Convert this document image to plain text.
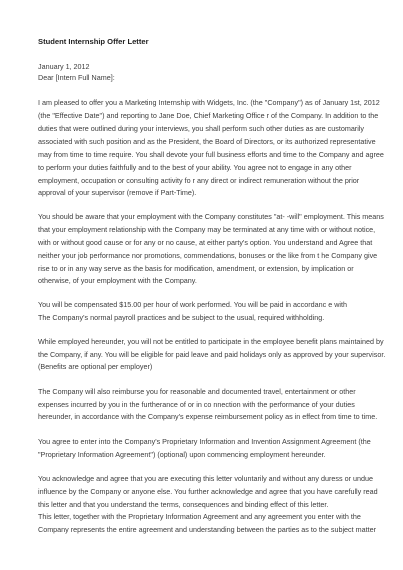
Student Internship Offer Letter
January 1, 2012
Dear [Intern Full Name]:
I am pleased to offer you a Marketing Internship with Widgets, Inc. (the "Company") as of January 1st, 2012
(the "Effective Date") and reporting to Jane Doe, Chief Marketing Office r of the Company. In addition to the
duties that were outlined during your interviews, you shall perform such other duties as are customarily
associated with such position and as the President, the Board of Directors, or its authorized representative
may from time to time require. You shall devote your full business efforts and time to the Company and agree
to perform your duties faithfully and to the best of your ability. You agree not to engage in any other
employment, occupation or consulting activity fo r any direct or indirect remuneration without the prior
approval of your supervisor (remove if Part-Time).
You should be aware that your employment with the Company constitutes "at- -will" employment. This means
that your employment relationship with the Company may be terminated at any time with or without notice,
with or without good cause or for any or no cause, at either party's option. You understand and Agree that
neither your job performance nor promotions, commendations, bonuses or the like from t he Company give
rise to or in any way serve as the basis for modification, amendment, or extension, by implication or
otherwise, of your employment with the Company.
You will be compensated $15.00 per hour of work performed. You will be paid in accordanc e with
The Company's normal payroll practices and be subject to the usual, required withholding.
While employed hereunder, you will not be entitled to participate in the employee benefit plans maintained by
the Company, if any. You will be eligible for paid leave and paid holidays only as approved by your supervisor.
(Benefits are optional per employer)
The Company will also reimburse you for reasonable and documented travel, entertainment or other
expenses incurred by you in the furtherance of or in co nnection with the performance of your duties
hereunder, in accordance with the Company's expense reimbursement policy as in effect from time to time.
You agree to enter into the Company's Proprietary Information and Invention Assignment Agreement (the
"Proprietary Information Agreement") (optional) upon commencing employment hereunder.
You acknowledge and agree that you are executing this letter voluntarily and without any duress or undue
influence by the Company or anyone else. You further acknowledge and agree that you have carefully read
this letter and that you understand the terms, consequences and binding effect of this letter.
This letter, together with the Proprietary Information Agreement and any agreement you enter with the
Company represents the entire agreement and understanding between the parties as to the subject matter
